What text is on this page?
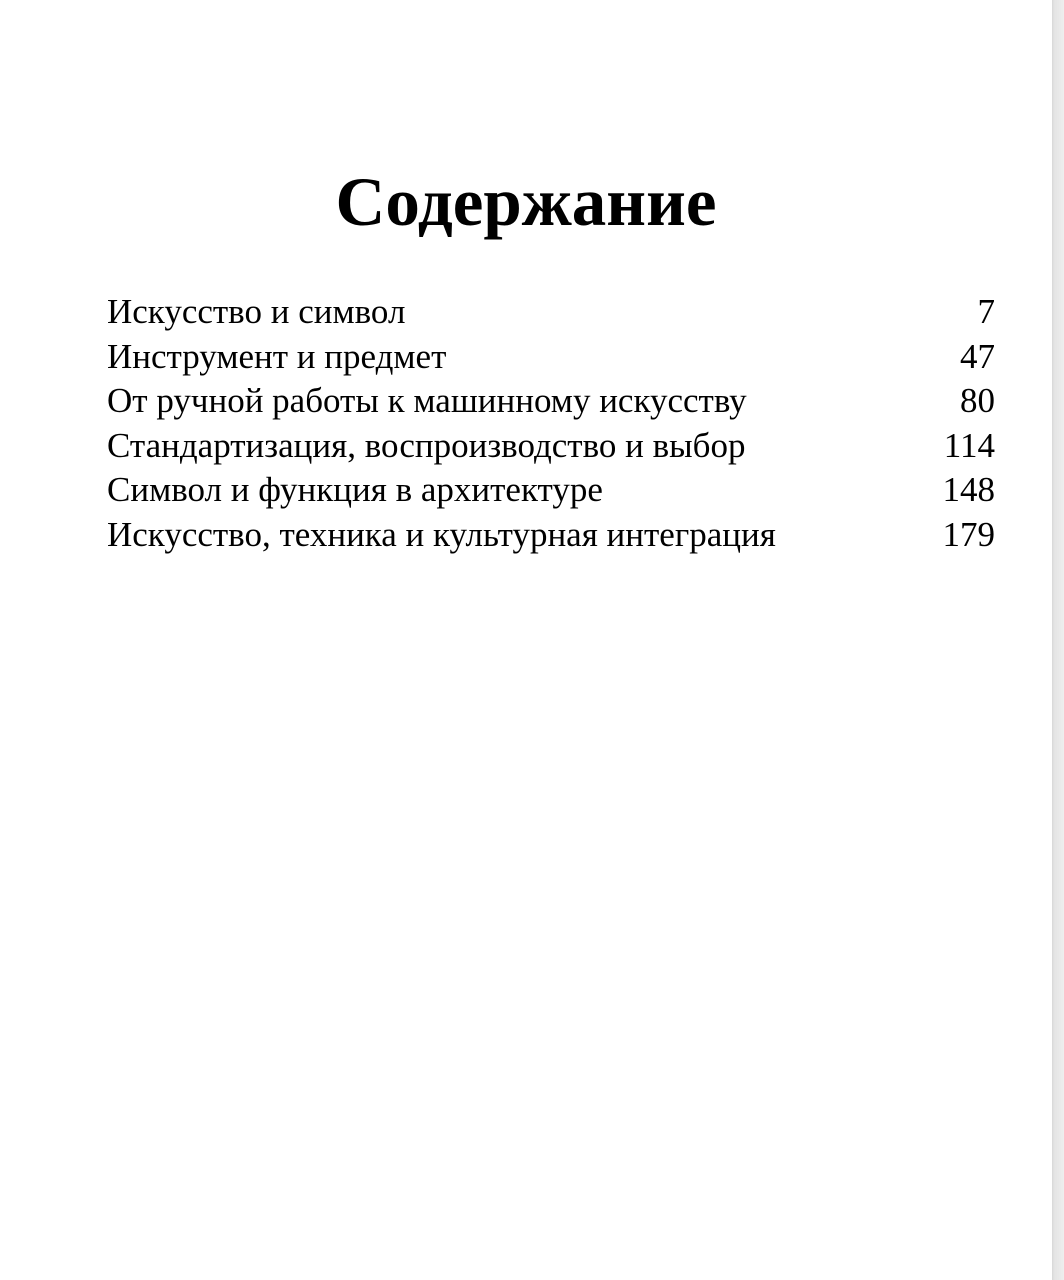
Содержание
Искусство и символ	7
Инструмент и предмет	47
От ручной работы к машинному искусству	80
Стандартизация, воспроизводство и выбор	114
Символ и функция в архитектуре	148
Искусство, техника и культурная интеграция	179
